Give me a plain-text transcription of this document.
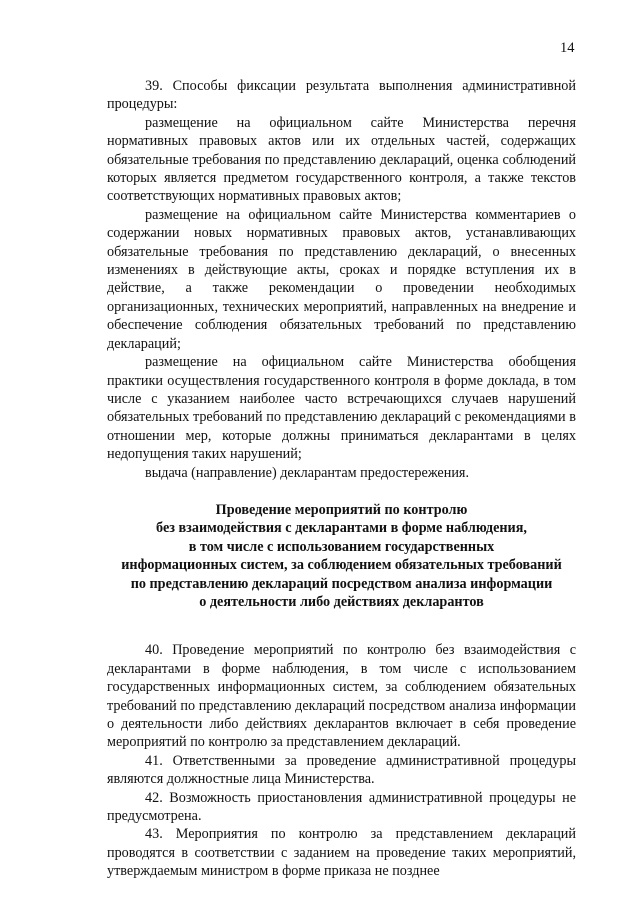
14

39. Способы фиксации результата выполнения административной процедуры:

размещение на официальном сайте Министерства перечня нормативных правовых актов или их отдельных частей, содержащих обязательные требования по представлению деклараций, оценка соблюдений которых является предметом государственного контроля, а также текстов соответствующих нормативных правовых актов;

размещение на официальном сайте Министерства комментариев о содержании новых нормативных правовых актов, устанавливающих обязательные требования по представлению деклараций, о внесенных изменениях в действующие акты, сроках и порядке вступления их в действие, а также рекомендации о проведении необходимых организационных, технических мероприятий, направленных на внедрение и обеспечение соблюдения обязательных требований по представлению деклараций;

размещение на официальном сайте Министерства обобщения практики осуществления государственного контроля в форме доклада, в том числе с указанием наиболее часто встречающихся случаев нарушений обязательных требований по представлению деклараций с рекомендациями в отношении мер, которые должны приниматься декларантами в целях недопущения таких нарушений;

выдача (направление) декларантам предостережения.

Проведение мероприятий по контролю
без взаимодействия с декларантами в форме наблюдения,
в том числе с использованием государственных
информационных систем, за соблюдением обязательных требований
по представлению деклараций посредством анализа информации
о деятельности либо действиях декларантов

40. Проведение мероприятий по контролю без взаимодействия с декларантами в форме наблюдения, в том числе с использованием государственных информационных систем, за соблюдением обязательных требований по представлению деклараций посредством анализа информации о деятельности либо действиях декларантов включает в себя проведение мероприятий по контролю за представлением деклараций.

41. Ответственными за проведение административной процедуры являются должностные лица Министерства.

42. Возможность приостановления административной процедуры не предусмотрена.

43. Мероприятия по контролю за представлением деклараций проводятся в соответствии с заданием на проведение таких мероприятий, утверждаемым министром в форме приказа не позднее
